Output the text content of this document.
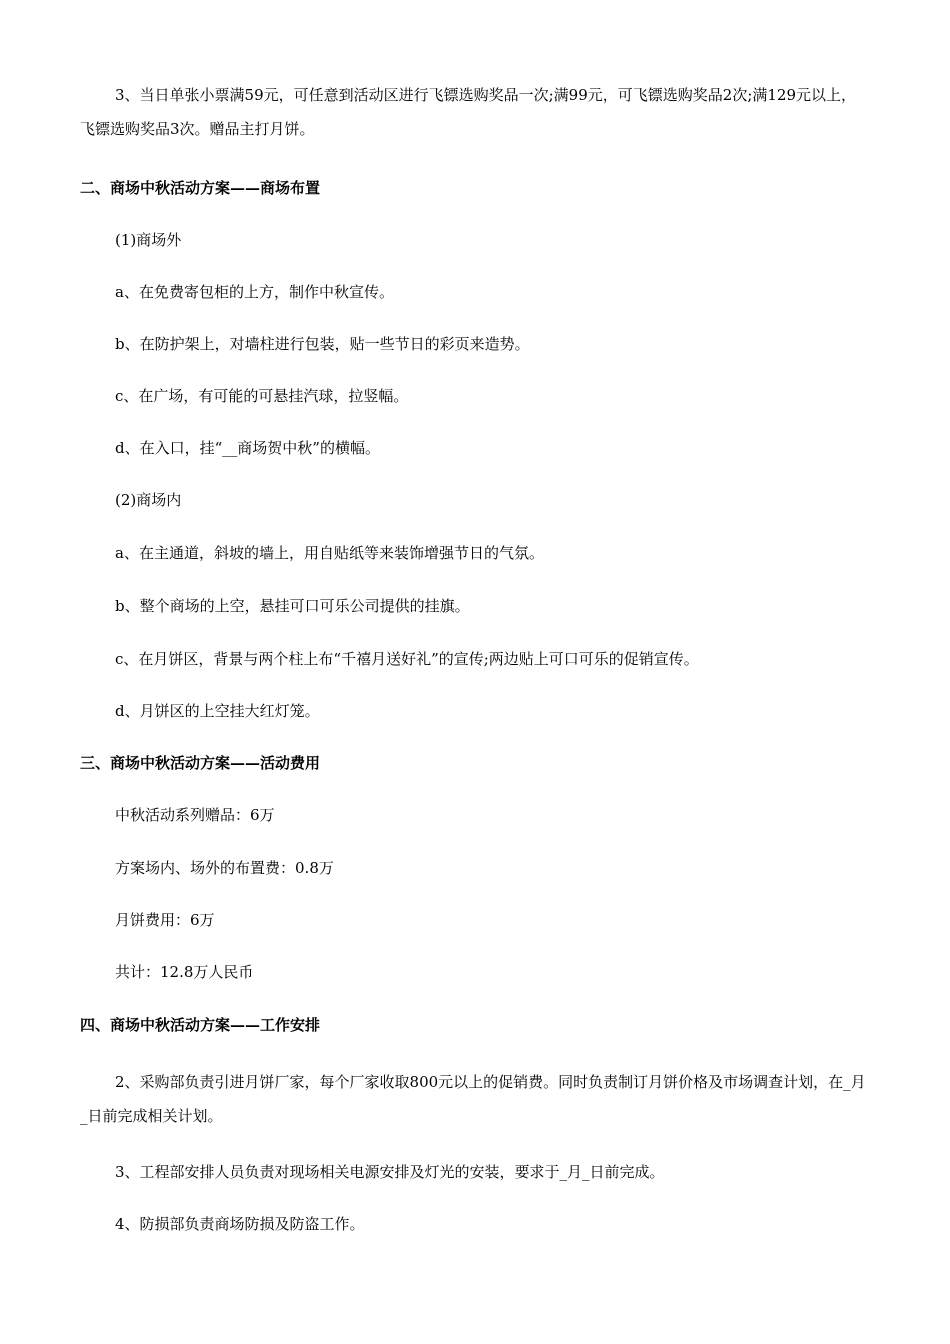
3、当日单张小票满59元，可任意到活动区进行飞镖选购奖品一次;满99元，可飞镖选购奖品2次;满129元以上，飞镖选购奖品3次。赠品主打月饼。
二、商场中秋活动方案——商场布置
(1)商场外
a、在免费寄包柜的上方，制作中秋宣传。
b、在防护架上，对墙柱进行包装，贴一些节日的彩页来造势。
c、在广场，有可能的可悬挂汽球，拉竖幅。
d、在入口，挂“__商场贺中秋”的横幅。
(2)商场内
a、在主通道，斜坡的墙上，用自贴纸等来装饰增强节日的气氛。
b、整个商场的上空，悬挂可口可乐公司提供的挂旗。
c、在月饼区，背景与两个柱上布“千禧月送好礼”的宣传;两边贴上可口可乐的促销宣传。
d、月饼区的上空挂大红灯笼。
三、商场中秋活动方案——活动费用
中秋活动系列赠品：6万
方案场内、场外的布置费：0.8万
月饼费用：6万
共计：12.8万人民币
四、商场中秋活动方案——工作安排
2、采购部负责引进月饼厂家，每个厂家收取800元以上的促销费。同时负责制订月饼价格及市场调查计划，在_月_日前完成相关计划。
3、工程部安排人员负责对现场相关电源安排及灯光的安装，要求于_月_日前完成。
4、防损部负责商场防损及防盗工作。
